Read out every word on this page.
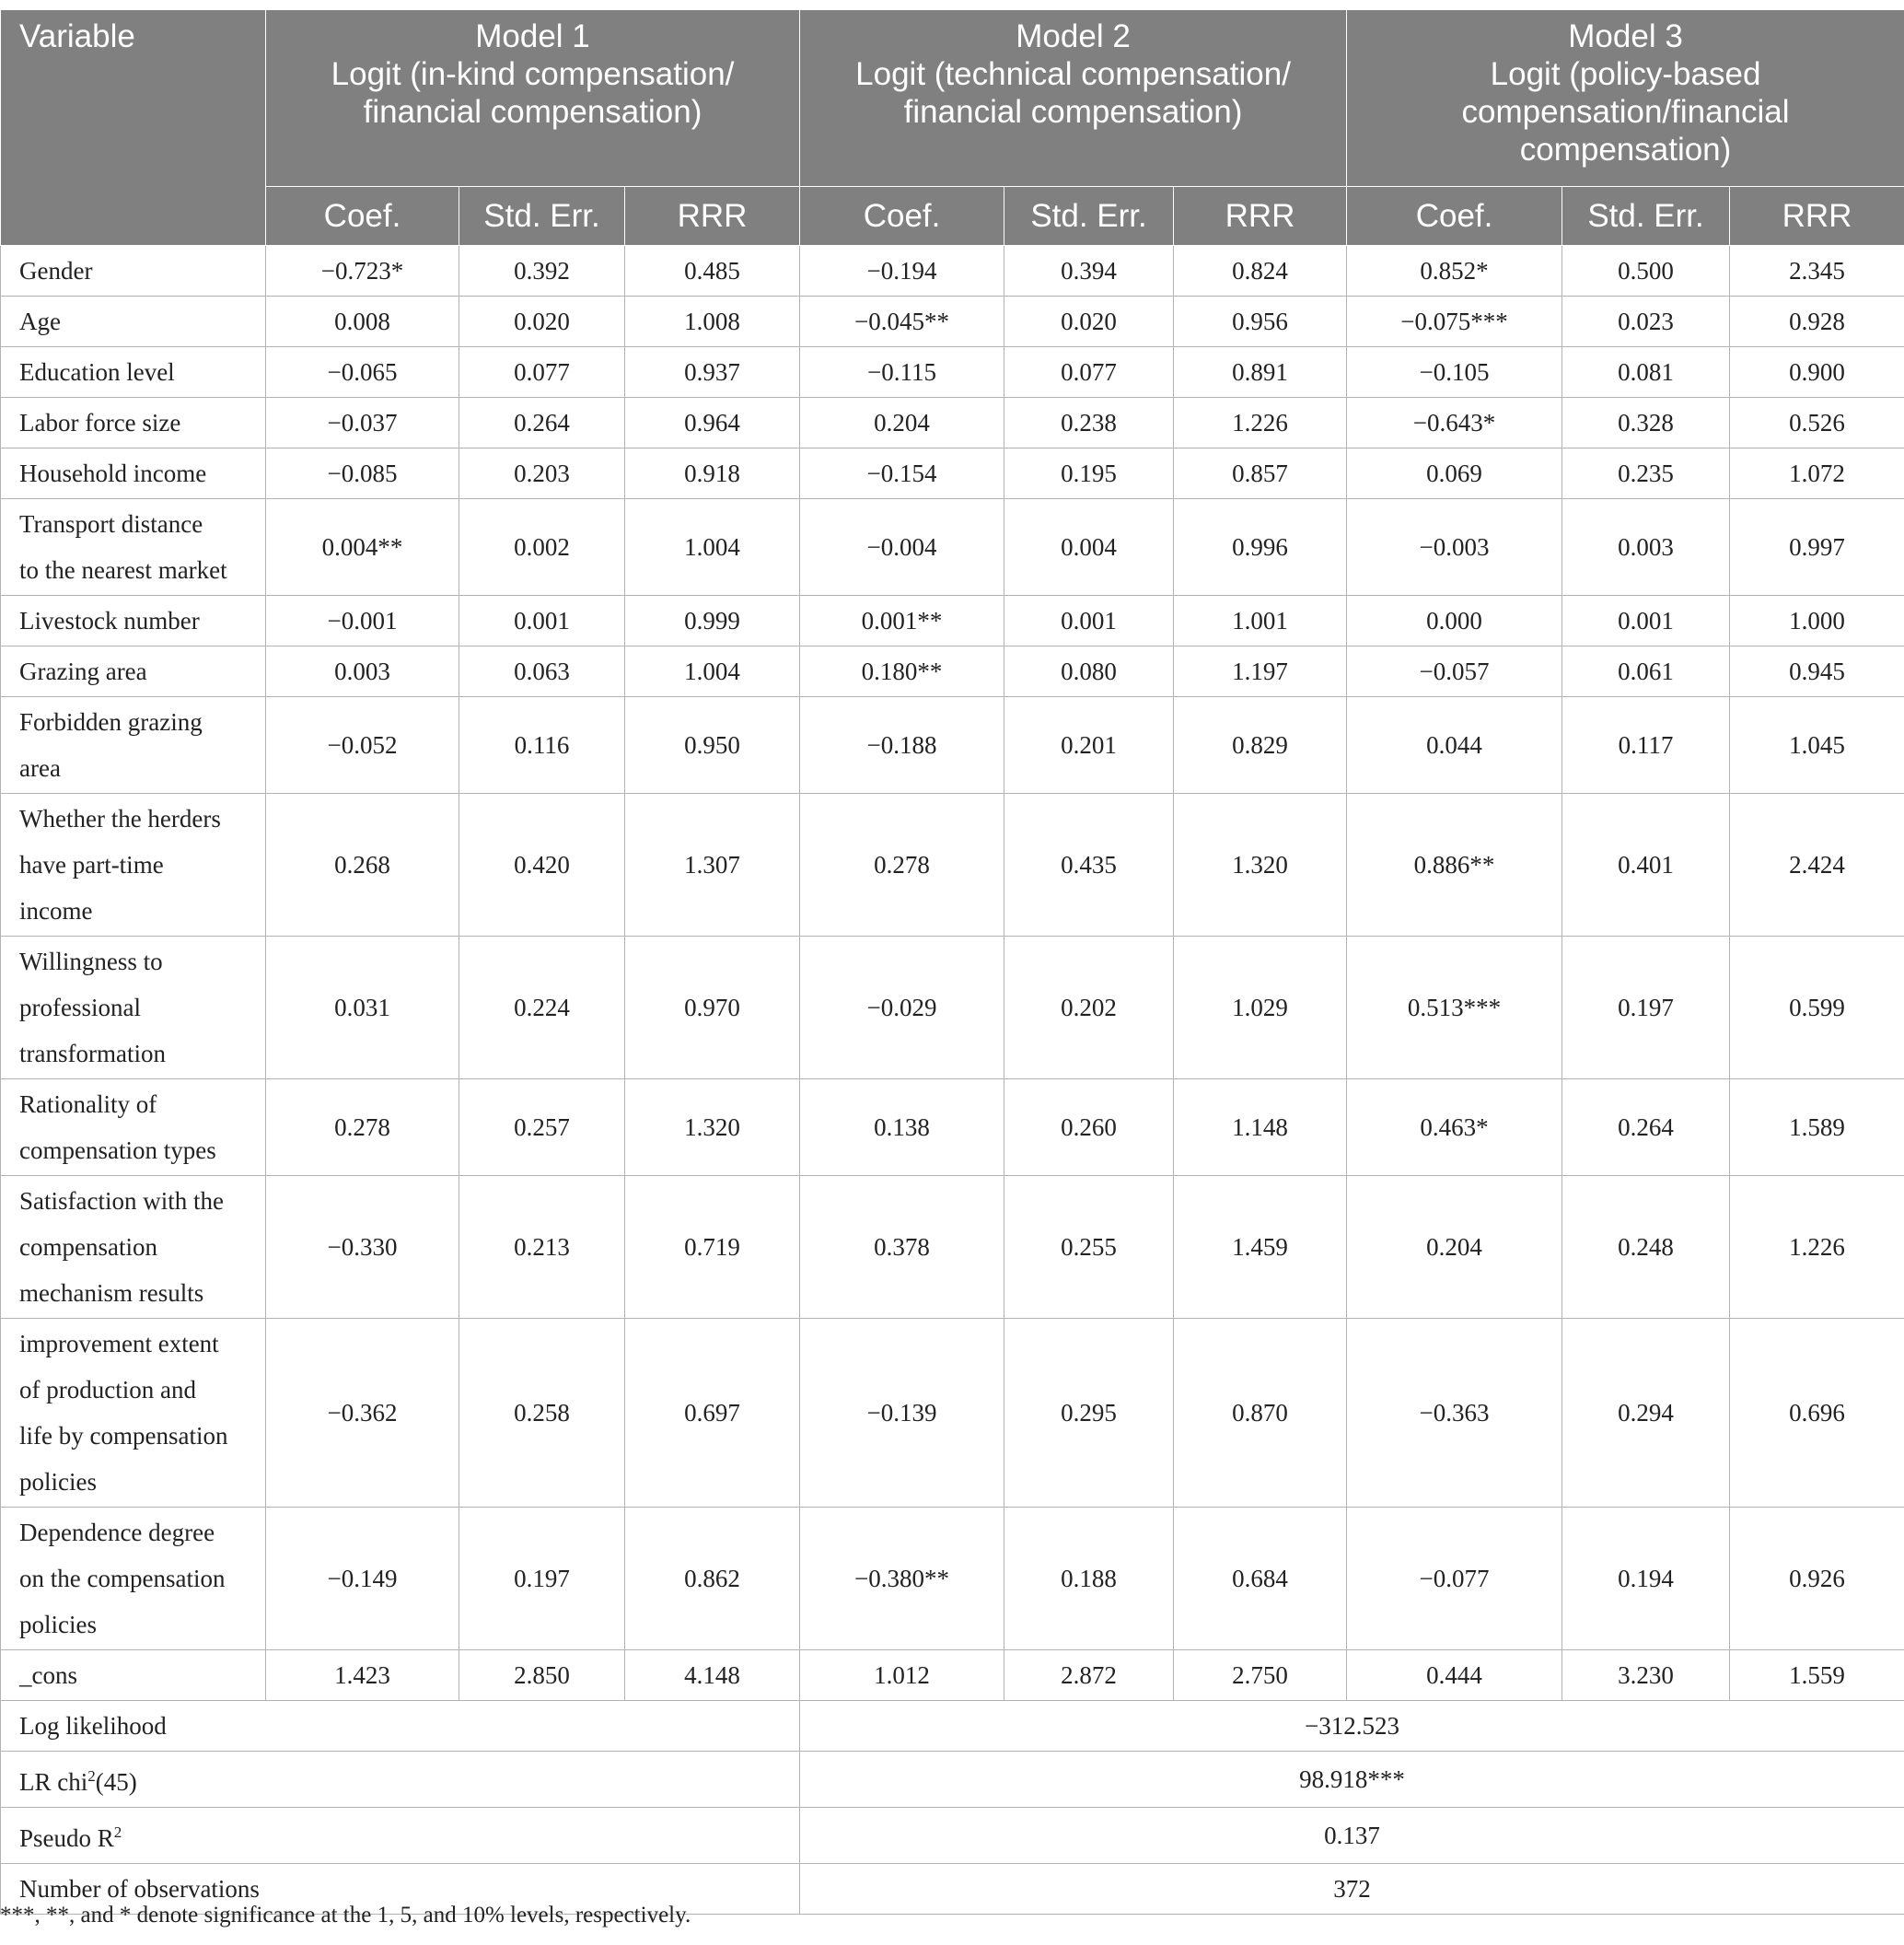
Variable	Model 1
Logit (in-kind compensation/
financial compensation)			Model 2
Logit (technical compensation/
financial compensation)			Model 3
Logit (policy-based
compensation/financial
compensation)		

	Coef.	Std. Err.	RRR	Coef.	Std. Err.	RRR	Coef.	Std. Err.	RRR
Gender	−0.723*	0.392	0.485	−0.194	0.394	0.824	0.852*	0.500	2.345
Age	0.008	0.020	1.008	−0.045**	0.020	0.956	−0.075***	0.023	0.928
Education level	−0.065	0.077	0.937	−0.115	0.077	0.891	−0.105	0.081	0.900
Labor force size	−0.037	0.264	0.964	0.204	0.238	1.226	−0.643*	0.328	0.526
Household income	−0.085	0.203	0.918	−0.154	0.195	0.857	0.069	0.235	1.072
Transport distance
to the nearest market	0.004**	0.002	1.004	−0.004	0.004	0.996	−0.003	0.003	0.997
Livestock number	−0.001	0.001	0.999	0.001**	0.001	1.001	0.000	0.001	1.000
Grazing area	0.003	0.063	1.004	0.180**	0.080	1.197	−0.057	0.061	0.945
Forbidden grazing
area	−0.052	0.116	0.950	−0.188	0.201	0.829	0.044	0.117	1.045
Whether the herders
have part-time
income	0.268	0.420	1.307	0.278	0.435	1.320	0.886**	0.401	2.424
Willingness to
professional
transformation	0.031	0.224	0.970	−0.029	0.202	1.029	0.513***	0.197	0.599
Rationality of
compensation types	0.278	0.257	1.320	0.138	0.260	1.148	0.463*	0.264	1.589
Satisfaction with the
compensation
mechanism results	−0.330	0.213	0.719	0.378	0.255	1.459	0.204	0.248	1.226
improvement extent
of production and
life by compensation
policies	−0.362	0.258	0.697	−0.139	0.295	0.870	−0.363	0.294	0.696
Dependence degree
on the compensation
policies	−0.149	0.197	0.862	−0.380**	0.188	0.684	−0.077	0.194	0.926
_cons	1.423	2.850	4.148	1.012	2.872	2.750	0.444	3.230	1.559
Log likelihood				−312.523					
LR chi$^2$(45)				98.918***					
Pseudo $R^2$				0.137					
Number of observations				372					
***, **, and * denote significance at the 1, 5, and 10% levels, respectively.
